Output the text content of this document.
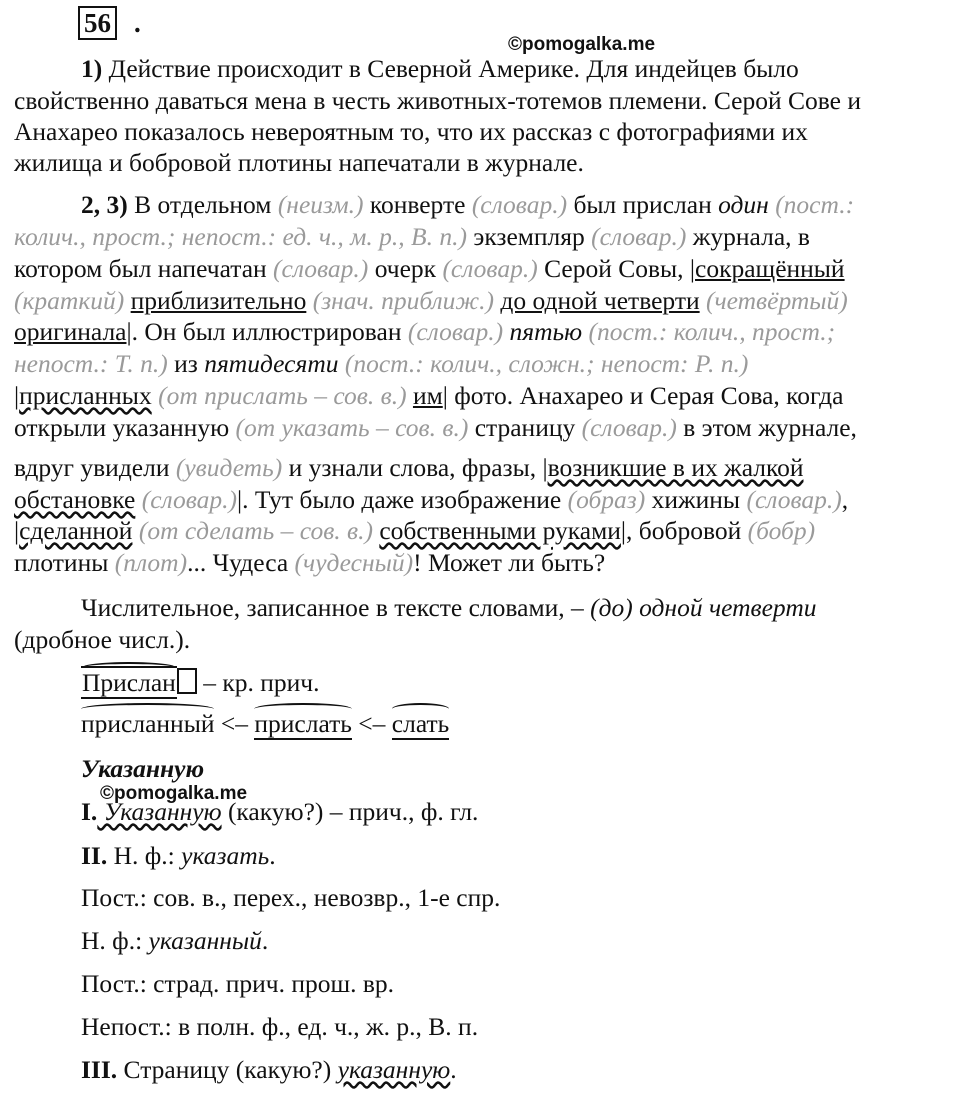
56 .
©pomogalka.me
©pomogalka.me
1) Действие происходит в Северной Америке. Для индейцев было
свойственно даваться мена в честь животных-тотемов племени. Серой Сове и
Анахарео показалось невероятным то, что их рассказ с фотографиями их
жилища и бобровой плотины напечатали в журнале.
2, 3) В отдельном (неизм.) конверте (словар.) был прислан один (пост.:
колич., прост.; непост.: ед. ч., м. р., В. п.) экземпляр (словар.) журнала, в
котором был напечатан (словар.) очерк (словар.) Серой Совы, |сокращённый
(краткий) приблизительно (знач. приближ.) до одной четверти (четвёртый)
оригинала|. Он был иллюстрирован (словар.) пятью (пост.: колич., прост.;
непост.: Т. п.) из пятидесяти (пост.: колич., сложн.; непост: Р. п.)
|присланных (от прислать – сов. в.) им| фото. Анахарео и Серая Сова, когда
открыли указанную (от указать – сов. в.) страницу (словар.) в этом журнале,
вдруг увидели (увидеть) и узнали слова, фразы, |возникшие в их жалкой
обстановке (словар.)|. Тут было даже изображение (образ) хижины (словар.),
|сделанной (от сделать – сов. в.) собственными руками|, бобровой (бобр)
плотины (плот)... Чудеса (чудесный)! Может ли быть?
Числительное, записанное в тексте словами, – (до) одной четверти
(дробное числ.).
Прислан – кр. прич.
присланный <– прислать <– слать
Указанную
I. Указанную (какую?) – прич., ф. гл.
II. Н. ф.: указать.
Пост.: сов. в., перех., невозвр., 1-е спр.
Н. ф.: указанный.
Пост.: страд. прич. прош. вр.
Непост.: в полн. ф., ед. ч., ж. р., В. п.
III. Страницу (какую?) указанную.
